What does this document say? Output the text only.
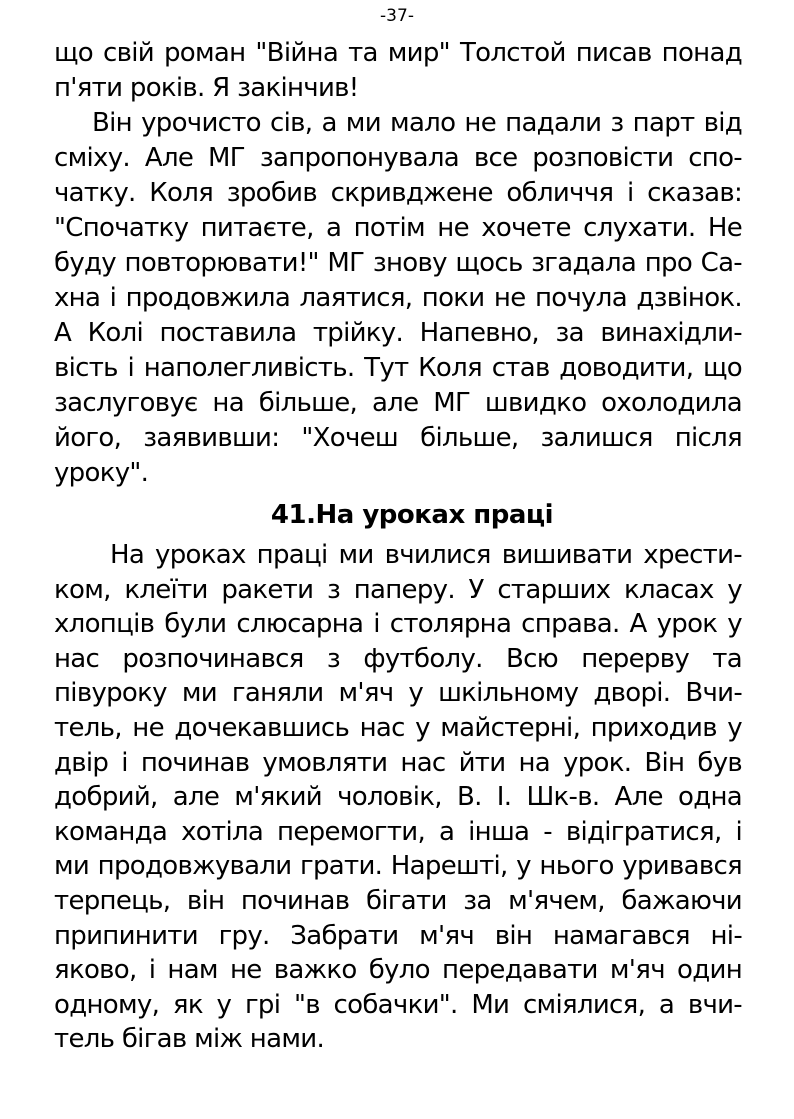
-37-
що свій роман "Війна та мир" Толстой писав понад
п'яти років. Я закінчив!
Він урочисто сів, а ми мало не падали з парт від
сміху. Але МГ запропонувала все розповісти спо-
чатку. Коля зробив скривджене обличчя і сказав:
"Спочатку питаєте, а потім не хочете слухати. Не
буду повторювати!" МГ знову щось згадала про Са-
хна і продовжила лаятися, поки не почула дзвінок.
А Колі поставила трійку. Напевно, за винахідли-
вість і наполегливість. Тут Коля став доводити, що
заслуговує на більше, але МГ швидко охолодила
його, заявивши: "Хочеш більше, залишся після
уроку".
41.На уроках праці
На уроках праці ми вчилися вишивати хрести-
ком, клеїти ракети з паперу. У старших класах у
хлопців були слюсарна і столярна справа. А урок у
нас розпочинався з футболу. Всю перерву та
півуроку ми ганяли м'яч у шкільному дворі. Вчи-
тель, не дочекавшись нас у майстерні, приходив у
двір і починав умовляти нас йти на урок. Він був
добрий, але м'який чоловік, В. І. Шк-в. Але одна
команда хотіла перемогти, а інша - відігратися, і
ми продовжували грати. Нарешті, у нього уривався
терпець, він починав бігати за м'ячем, бажаючи
припинити гру. Забрати м'яч він намагався ні-
яково, і нам не важко було передавати м'яч один
одному, як у грі "в собачки". Ми сміялися, а вчи-
тель бігав між нами.
